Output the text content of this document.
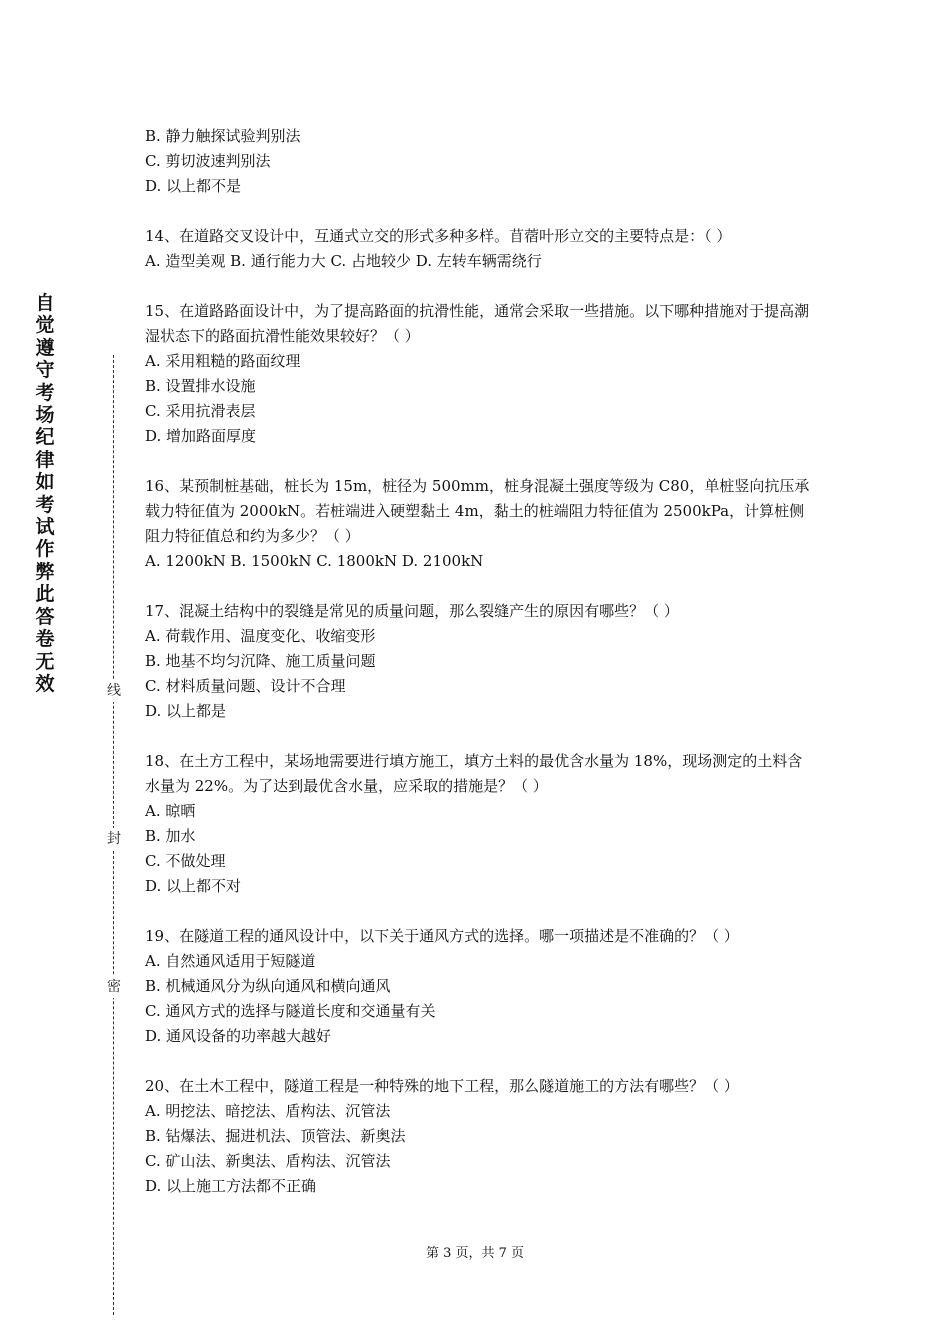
自
觉
遵
守
考
场
纪
律
如
考
试
作
弊
此
答
卷
无
效	线
封
密

B. 静力触探试验判别法

C. 剪切波速判别法

D. 以上都不是

14、在道路交叉设计中，互通式立交的形式多种多样。苜蓿叶形立交的主要特点是：（ ）

A. 造型美观 B. 通行能力大 C. 占地较少 D. 左转车辆需绕行

15、在道路路面设计中，为了提高路面的抗滑性能，通常会采取一些措施。以下哪种措施对于提高潮湿状态下的路面抗滑性能效果较好？（ ）

A. 采用粗糙的路面纹理

B. 设置排水设施

C. 采用抗滑表层

D. 增加路面厚度

16、某预制桩基础，桩长为 15m，桩径为 500mm，桩身混凝土强度等级为 C80，单桩竖向抗压承载力特征值为 2000kN。若桩端进入硬塑黏土 4m，黏土的桩端阻力特征值为 2500kPa，计算桩侧阻力特征值总和约为多少？（ ）

A. 1200kN B. 1500kN C. 1800kN D. 2100kN

17、混凝土结构中的裂缝是常见的质量问题，那么裂缝产生的原因有哪些？（ ）

A. 荷载作用、温度变化、收缩变形

B. 地基不均匀沉降、施工质量问题

C. 材料质量问题、设计不合理

D. 以上都是

18、在土方工程中，某场地需要进行填方施工，填方土料的最优含水量为 18%，现场测定的土料含水量为 22%。为了达到最优含水量，应采取的措施是？（ ）

A. 晾晒

B. 加水

C. 不做处理

D. 以上都不对

19、在隧道工程的通风设计中，以下关于通风方式的选择。哪一项描述是不准确的？（ ）

A. 自然通风适用于短隧道

B. 机械通风分为纵向通风和横向通风

C. 通风方式的选择与隧道长度和交通量有关

D. 通风设备的功率越大越好

20、在土木工程中，隧道工程是一种特殊的地下工程，那么隧道施工的方法有哪些？（ ）

A. 明挖法、暗挖法、盾构法、沉管法

B. 钻爆法、掘进机法、顶管法、新奥法

C. 矿山法、新奥法、盾构法、沉管法

D. 以上施工方法都不正确

第 3 页，共 7 页
